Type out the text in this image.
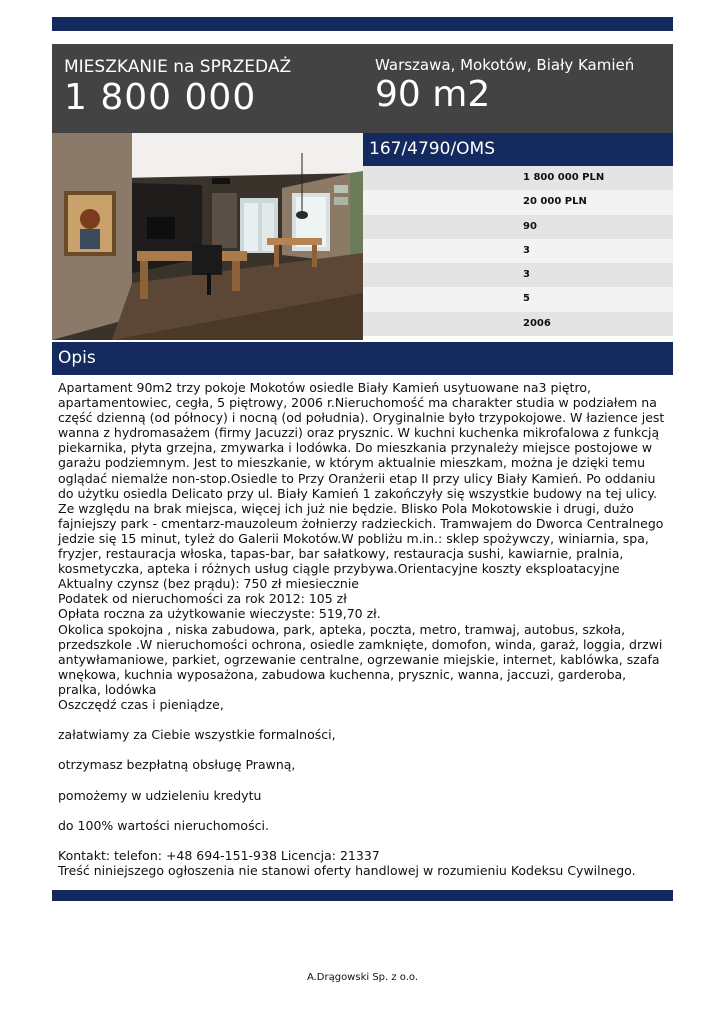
MIESZKANIE na SPRZEDAŻ
1 800 000
Warszawa, Mokotów, Biały Kamień
90 m2
167/4790/OMS
1 800 000 PLN
20 000 PLN
90
3
3
5
2006
Opis

Apartament 90m2 trzy pokoje Mokotów osiedle Biały Kamień usytuowane na3 piętro, apartamentowiec, cegła, 5 piętrowy, 2006 r.Nieruchomość ma charakter studia w podziałem na część dzienną (od północy) i nocną (od południa). Oryginalnie było trzypokojowe. W łazience jest wanna z hydromasażem (firmy Jacuzzi) oraz prysznic. W kuchni kuchenka mikrofalowa z funkcją piekarnika, płyta grzejna, zmywarka i lodówka. Do mieszkania przynależy miejsce postojowe w garażu podziemnym. Jest to mieszkanie, w którym aktualnie mieszkam, można je dzięki temu oglądać niemalże non-stop.Osiedle to Przy Oranżerii etap II przy ulicy Biały Kamień. Po oddaniu do użytku osiedla Delicato przy ul. Biały Kamień 1 zakończyły się wszystkie budowy na tej ulicy. Ze względu na brak miejsca, więcej ich już nie będzie. Blisko Pola Mokotowskie i drugi, dużo fajniejszy park - cmentarz-mauzoleum żołnierzy radzieckich. Tramwajem do Dworca Centralnego jedzie się 15 minut, tyleż do Galerii Mokotów.W pobliżu m.in.: sklep spożywczy, winiarnia, spa, fryzjer, restauracja włoska, tapas-bar, bar sałatkowy, restauracja sushi, kawiarnie, pralnia, kosmetyczka, apteka i różnych usług ciągle przybywa.Orientacyjne koszty eksploatacyjne

Aktualny czynsz (bez prądu): 750 zł miesiecznie

Podatek od nieruchomości za rok 2012: 105 zł

Opłata roczna za użytkowanie wieczyste: 519,70 zł.

Okolica spokojna , niska zabudowa, park, apteka, poczta, metro, tramwaj, autobus, szkoła, przedszkole .W nieruchomości ochrona, osiedle zamknięte, domofon, winda, garaż, loggia, drzwi antywłamaniowe, parkiet, ogrzewanie centralne, ogrzewanie miejskie, internet, kablówka, szafa wnękowa, kuchnia wyposażona, zabudowa kuchenna, prysznic, wanna, jaccuzi, garderoba, pralka, lodówka

Oszczędź czas i pieniądze,

załatwiamy za Ciebie wszystkie formalności,

otrzymasz bezpłatną obsługę Prawną,

pomożemy w udzieleniu kredytu

do 100% wartości nieruchomości.

Kontakt: telefon: +48 694-151-938 Licencja: 21337

Treść niniejszego ogłoszenia nie stanowi oferty handlowej w rozumieniu Kodeksu Cywilnego.

A.Drągowski Sp. z o.o.
